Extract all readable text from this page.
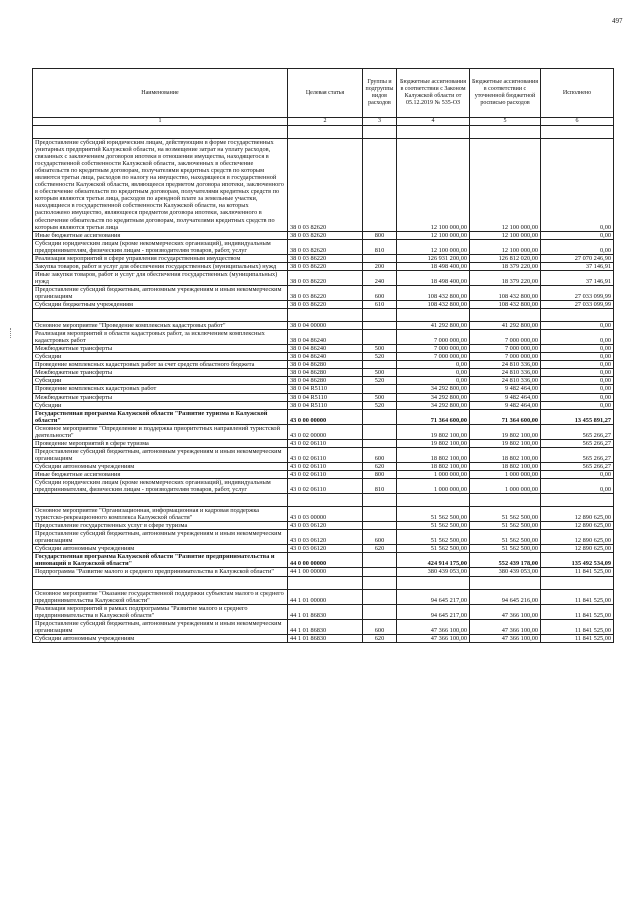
497
Наименование	Целевая статья	Группы и подгруппы видов расходов	Бюджетные ассигнования в соответствии с Законом Калужской области от 05.12.2019 № 535-ОЗ	Бюджетные ассигнования в соответствии с уточненной бюджетной росписью расходов	Исполнено
1	2	3	4	5	6

Предоставление субсидий юридическим лицам, действующим в форме государственных унитарных предприятий Калужской области, на возмещение затрат на уплату расходов, связанных с заключением договоров ипотеки в отношении имущества, находящегося в государственной собственности Калужской области, заключенных в обеспечение обязательств по кредитным договорам, получателями кредитных средств по которым являются третьи лица, расходов по налогу на имущество, находящееся в государственной собственности Калужской области, являющееся предметом договора ипотеки, заключенного в обеспечение обязательств по кредитным договорам, получателями кредитных средств по которым являются третьи лица, расходов по арендной плате за земельные участки, находящиеся в государственной собственности Калужской области, на которых расположено имущество, являющееся предметом договора ипотеки, заключенного в обеспечение обязательств по кредитным договорам, получателями кредитных средств по которым являются третьи лица	38 0 03 82620		12 100 000,00	12 100 000,00	0,00
Иные бюджетные ассигнования	38 0 03 82620	800	12 100 000,00	12 100 000,00	0,00
Субсидии юридическим лицам (кроме некоммерческих организаций), индивидуальным предпринимателям, физическим лицам - производителям товаров, работ, услуг	38 0 03 82620	810	12 100 000,00	12 100 000,00	0,00
Реализация мероприятий в сфере управления государственным имуществом	38 0 03 86220		126 931 200,00	126 812 020,00	27 070 246,90
Закупка товаров, работ и услуг для обеспечения государственных (муниципальных) нужд	38 0 03 86220	200	18 498 400,00	18 379 220,00	37 146,91
Иные закупки товаров, работ и услуг для обеспечения государственных (муниципальных) нужд	38 0 03 86220	240	18 498 400,00	18 379 220,00	37 146,91
Предоставление субсидий бюджетным, автономным учреждениям и иным некоммерческим организациям	38 0 03 86220	600	108 432 800,00	108 432 800,00	27 033 099,99
Субсидии бюджетным учреждениям	38 0 03 86220	610	108 432 800,00	108 432 800,00	27 033 099,99

Основное мероприятие "Проведение комплексных кадастровых работ"	38 0 04 00000		41 292 800,00	41 292 800,00	0,00
Реализация мероприятий в области кадастровых работ, за исключением комплексных кадастровых работ	38 0 04 86240		7 000 000,00	7 000 000,00	0,00
Межбюджетные трансферты	38 0 04 86240	500	7 000 000,00	7 000 000,00	0,00
Субсидии	38 0 04 86240	520	7 000 000,00	7 000 000,00	0,00
Проведение комплексных кадастровых работ за счет средств областного бюджета	38 0 04 86280		0,00	24 810 336,00	0,00
Межбюджетные трансферты	38 0 04 86280	500	0,00	24 810 336,00	0,00
Субсидии	38 0 04 86280	520	0,00	24 810 336,00	0,00
Проведение комплексных кадастровых работ	38 0 04 R5110		34 292 800,00	9 482 464,00	0,00
Межбюджетные трансферты	38 0 04 R5110	500	34 292 800,00	9 482 464,00	0,00
Субсидии	38 0 04 R5110	520	34 292 800,00	9 482 464,00	0,00
Государственная программа Калужской области "Развитие туризма в Калужской области"	43 0 00 00000		71 364 600,00	71 364 600,00	13 455 891,27
Основное мероприятие "Определение и поддержка приоритетных направлений туристской деятельности"	43 0 02 00000		19 802 100,00	19 802 100,00	565 266,27
Проведение мероприятий в сфере туризма	43 0 02 06110		19 802 100,00	19 802 100,00	565 266,27
Предоставление субсидий бюджетным, автономным учреждениям и иным некоммерческим организациям	43 0 02 06110	600	18 802 100,00	18 802 100,00	565 266,27
Субсидии автономным учреждениям	43 0 02 06110	620	18 802 100,00	18 802 100,00	565 266,27
Иные бюджетные ассигнования	43 0 02 06110	800	1 000 000,00	1 000 000,00	0,00
Субсидии юридическим лицам (кроме некоммерческих организаций), индивидуальным предпринимателям, физическим лицам - производителям товаров, работ, услуг	43 0 02 06110	810	1 000 000,00	1 000 000,00	0,00

Основное мероприятие "Организационная, информационная и кадровая поддержка туристско-рекреационного комплекса Калужской области"	43 0 03 00000		51 562 500,00	51 562 500,00	12 890 625,00
Предоставление государственных услуг в сфере туризма	43 0 03 06120		51 562 500,00	51 562 500,00	12 890 625,00
Предоставление субсидий бюджетным, автономным учреждениям и иным некоммерческим организациям	43 0 03 06120	600	51 562 500,00	51 562 500,00	12 890 625,00
Субсидии автономным учреждениям	43 0 03 06120	620	51 562 500,00	51 562 500,00	12 890 625,00
Государственная программа Калужской области "Развитие предпринимательства и инноваций в Калужской области"	44 0 00 00000		424 914 175,00	552 439 178,00	135 492 534,09
Подпрограмма "Развитие малого и среднего предпринимательства в Калужской области"	44 1 00 00000		380 439 053,00	380 439 053,00	11 841 525,00

Основное мероприятие "Оказание государственной поддержки субъектам малого и среднего предпринимательства Калужской области"	44 1 01 00000		94 645 217,00	94 645 216,00	11 841 525,00
Реализация мероприятий в рамках подпрограммы "Развитие малого и среднего предпринимательства в Калужской области"	44 1 01 86830		94 645 217,00	47 366 100,00	11 841 525,00
Предоставление субсидий бюджетным, автономным учреждениям и иным некоммерческим организациям	44 1 01 86830	600	47 366 100,00	47 366 100,00	11 841 525,00
Субсидии автономным учреждениям	44 1 01 86830	620	47 366 100,00	47 366 100,00	11 841 525,00
